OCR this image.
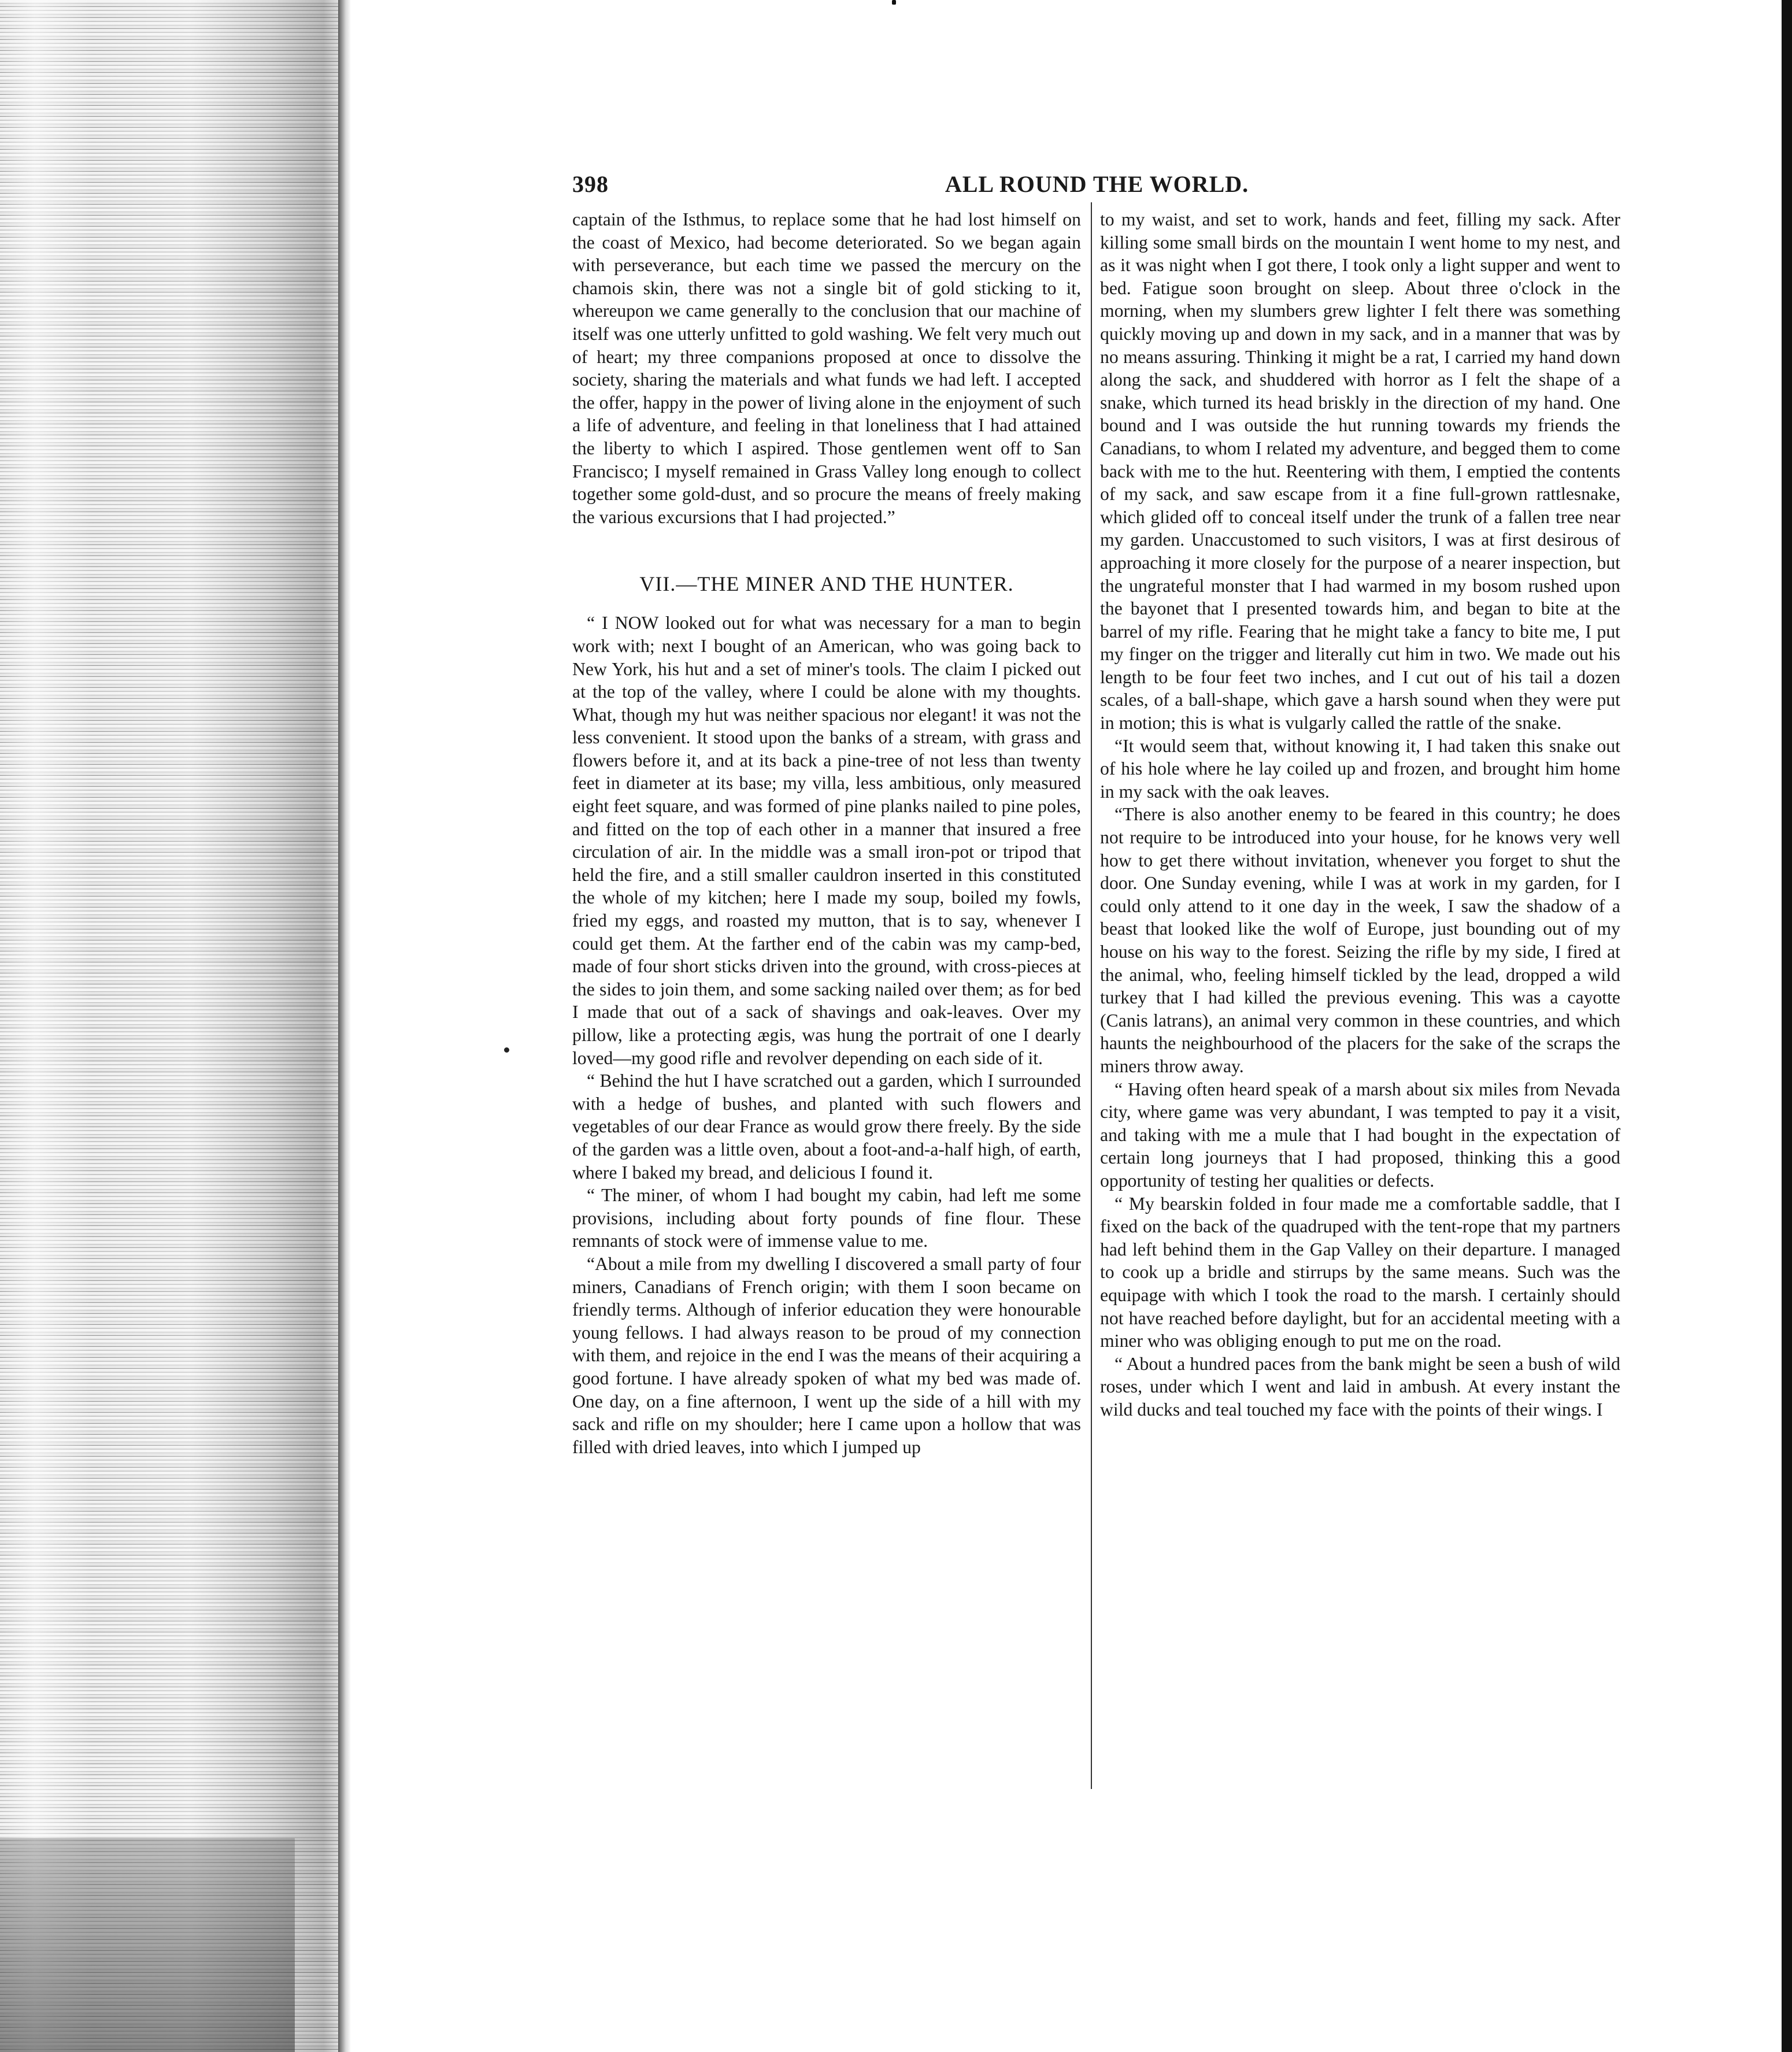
398	ALL ROUND THE WORLD.

captain of the Isthmus, to replace some that he had lost himself on the coast of Mexico, had become deteriorated. So we began again with perseverance, but each time we passed the mercury on the chamois skin, there was not a single bit of gold sticking to it, whereupon we came generally to the conclusion that our machine of itself was one utterly unfitted to gold washing. We felt very much out of heart; my three companions proposed at once to dissolve the society, sharing the materials and what funds we had left. I accepted the offer, happy in the power of living alone in the enjoyment of such a life of adventure, and feeling in that loneliness that I had attained the liberty to which I aspired. Those gentlemen went off to San Francisco; I myself remained in Grass Valley long enough to collect together some gold-dust, and so procure the means of freely making the various excursions that I had projected.”

VII.—THE MINER AND THE HUNTER.

“ I NOW looked out for what was necessary for a man to begin work with; next I bought of an American, who was going back to New York, his hut and a set of miner's tools. The claim I picked out at the top of the valley, where I could be alone with my thoughts. What, though my hut was neither spacious nor elegant! it was not the less convenient. It stood upon the banks of a stream, with grass and flowers before it, and at its back a pine-tree of not less than twenty feet in diameter at its base; my villa, less ambitious, only measured eight feet square, and was formed of pine planks nailed to pine poles, and fitted on the top of each other in a manner that insured a free circulation of air. In the middle was a small iron-pot or tripod that held the fire, and a still smaller cauldron inserted in this constituted the whole of my kitchen; here I made my soup, boiled my fowls, fried my eggs, and roasted my mutton, that is to say, whenever I could get them. At the farther end of the cabin was my camp-bed, made of four short sticks driven into the ground, with cross-pieces at the sides to join them, and some sacking nailed over them; as for bed I made that out of a sack of shavings and oak-leaves. Over my pillow, like a protecting ægis, was hung the portrait of one I dearly loved—my good rifle and revolver depending on each side of it.

“ Behind the hut I have scratched out a garden, which I surrounded with a hedge of bushes, and planted with such flowers and vegetables of our dear France as would grow there freely. By the side of the garden was a little oven, about a foot-and-a-half high, of earth, where I baked my bread, and delicious I found it.

“ The miner, of whom I had bought my cabin, had left me some provisions, including about forty pounds of fine flour. These remnants of stock were of immense value to me.

“About a mile from my dwelling I discovered a small party of four miners, Canadians of French origin; with them I soon became on friendly terms. Although of inferior education they were honourable young fellows. I had always reason to be proud of my connection with them, and rejoice in the end I was the means of their acquiring a good fortune. I have already spoken of what my bed was made of. One day, on a fine afternoon, I went up the side of a hill with my sack and rifle on my shoulder; here I came upon a hollow that was filled with dried leaves, into which I jumped up

to my waist, and set to work, hands and feet, filling my sack. After killing some small birds on the mountain I went home to my nest, and as it was night when I got there, I took only a light supper and went to bed. Fatigue soon brought on sleep. About three o'clock in the morning, when my slumbers grew lighter I felt there was something quickly moving up and down in my sack, and in a manner that was by no means assuring. Thinking it might be a rat, I carried my hand down along the sack, and shuddered with horror as I felt the shape of a snake, which turned its head briskly in the direction of my hand. One bound and I was outside the hut running towards my friends the Canadians, to whom I related my adventure, and begged them to come back with me to the hut. Reentering with them, I emptied the contents of my sack, and saw escape from it a fine full-grown rattlesnake, which glided off to conceal itself under the trunk of a fallen tree near my garden. Unaccustomed to such visitors, I was at first desirous of approaching it more closely for the purpose of a nearer inspection, but the ungrateful monster that I had warmed in my bosom rushed upon the bayonet that I presented towards him, and began to bite at the barrel of my rifle. Fearing that he might take a fancy to bite me, I put my finger on the trigger and literally cut him in two. We made out his length to be four feet two inches, and I cut out of his tail a dozen scales, of a ball-shape, which gave a harsh sound when they were put in motion; this is what is vulgarly called the rattle of the snake.

“It would seem that, without knowing it, I had taken this snake out of his hole where he lay coiled up and frozen, and brought him home in my sack with the oak leaves.

“There is also another enemy to be feared in this country; he does not require to be introduced into your house, for he knows very well how to get there without invitation, whenever you forget to shut the door. One Sunday evening, while I was at work in my garden, for I could only attend to it one day in the week, I saw the shadow of a beast that looked like the wolf of Europe, just bounding out of my house on his way to the forest. Seizing the rifle by my side, I fired at the animal, who, feeling himself tickled by the lead, dropped a wild turkey that I had killed the previous evening. This was a cayotte (Canis latrans), an animal very common in these countries, and which haunts the neighbourhood of the placers for the sake of the scraps the miners throw away.

“ Having often heard speak of a marsh about six miles from Nevada city, where game was very abundant, I was tempted to pay it a visit, and taking with me a mule that I had bought in the expectation of certain long journeys that I had proposed, thinking this a good opportunity of testing her qualities or defects.

“ My bearskin folded in four made me a comfortable saddle, that I fixed on the back of the quadruped with the tent-rope that my partners had left behind them in the Gap Valley on their departure. I managed to cook up a bridle and stirrups by the same means. Such was the equipage with which I took the road to the marsh. I certainly should not have reached before daylight, but for an accidental meeting with a miner who was obliging enough to put me on the road.

“ About a hundred paces from the bank might be seen a bush of wild roses, under which I went and laid in ambush. At every instant the wild ducks and teal touched my face with the points of their wings. I
